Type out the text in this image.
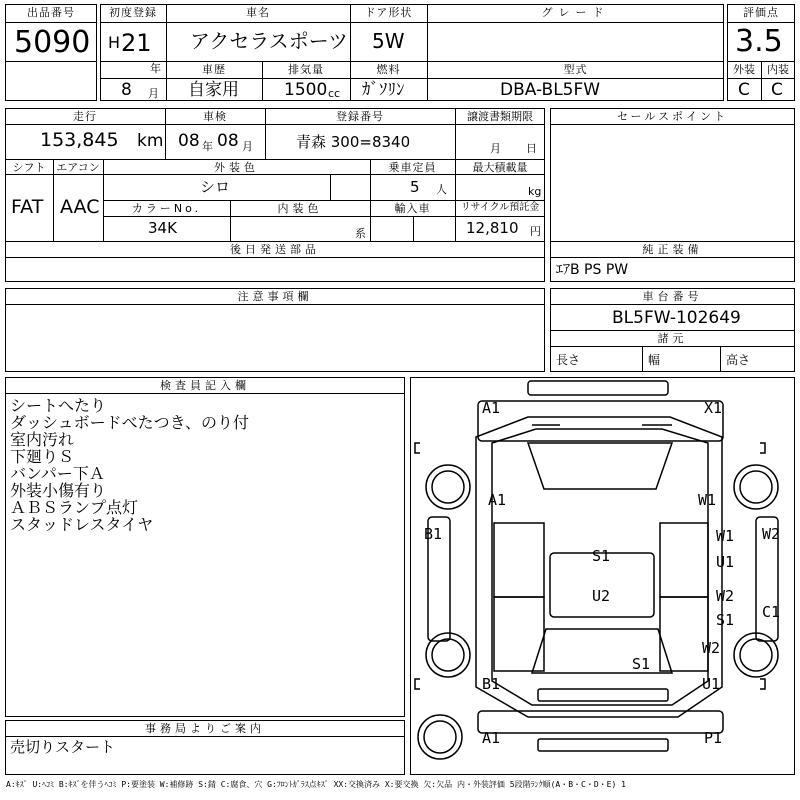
出品番号
5090
初度登録
H 21
年
8 月
車名
アクセラスポーツ
ドア形状
5W
グレード
車歴
自家用
排気量
1500 cc
燃料
ｶﾞｿﾘﾝ
型式
DBA-BL5FW
評価点
3.5
外装	内装
C C
走行
153,845 km
車検
08 年 08 月
登録番号
青森 300=8340
譲渡書類期限
月 日
シフト
FAT
エアコン
AAC
外装色
シロ
乗車定員
5 人
最大積載量
kg
カラーNo.
34K
内装色
系
輸入車	リサイクル預託金
12,810 円
セールスポイント
後日発送部品	純正装備
ｴｱB PS PW
注意事項欄	車台番号
BL5FW-102649
諸元
長さ	幅	高さ
検査員記入欄
シートへたり
ダッシュボードべたつき、のり付
室内汚れ
下廻りＳ
バンパー下Ａ
外装小傷有り
ＡＢＳランプ点灯
スタッドレスタイヤ
事務局よりご案内
売切りスタート
A1	X1
A1	W1
B1	W1 W2
U1
S1
U2	W2
S1 C1
W2
S1
B1	U1
A1	P1
A:ｷｽﾞ U:ﾍｺﾐ B:ｷｽﾞを伴うﾍｺﾐ P:要塗装 W:補修跡 S:錆 C:腐食、穴 G:ﾌﾛﾝﾄｶﾞﾗｽ点ｷｽﾞ XX:交換済み X:要交換 欠:欠品 内・外装評価 5段階ﾗﾝｸ順(A・B・C・D・E) 1
